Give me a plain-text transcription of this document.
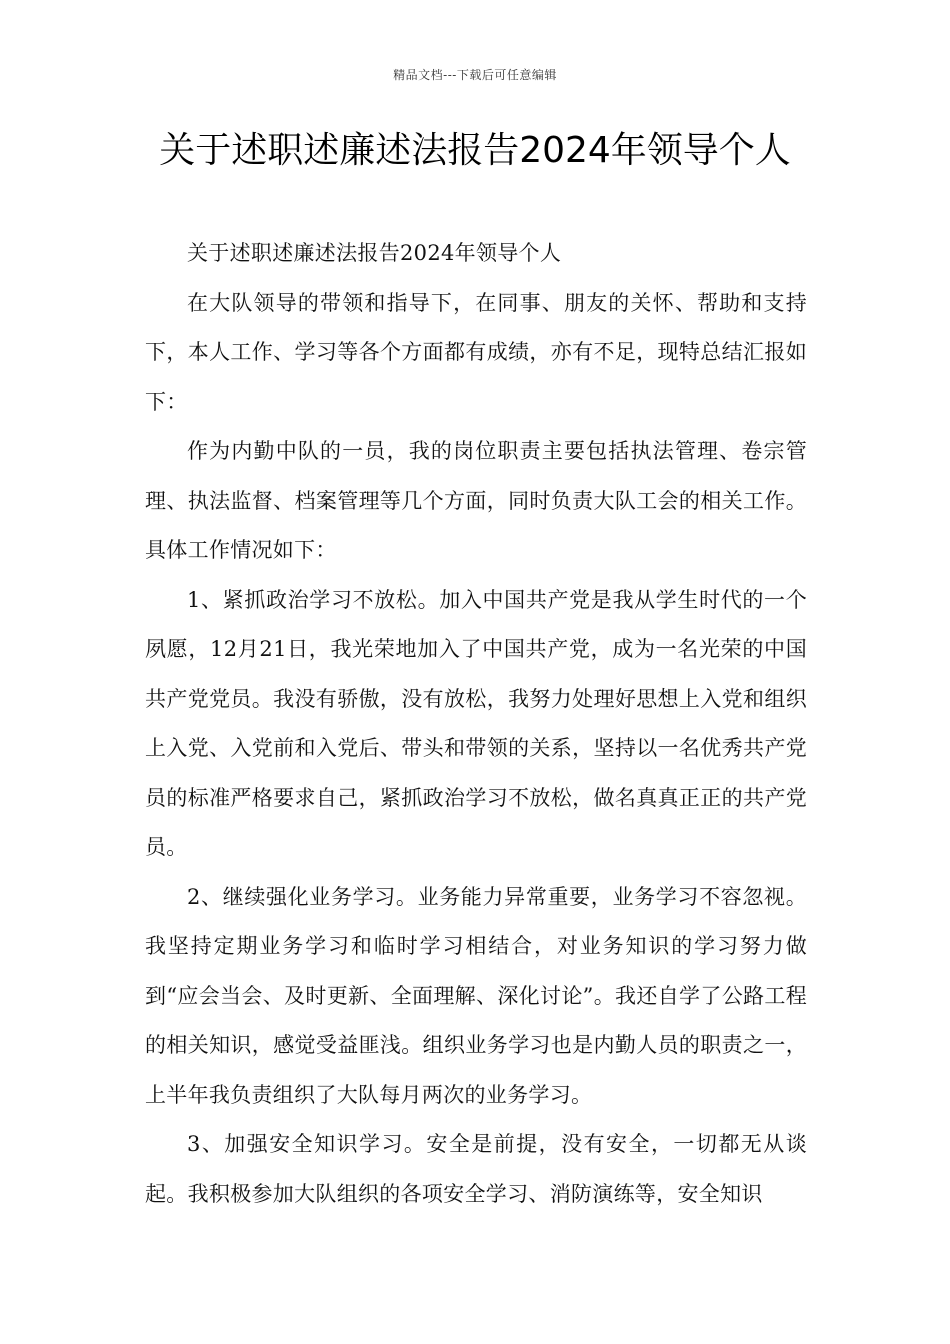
精品文档---下载后可任意编辑
关于述职述廉述法报告2024年领导个人

关于述职述廉述法报告2024年领导个人

在大队领导的带领和指导下，在同事、朋友的关怀、帮助和支持下，本人工作、学习等各个方面都有成绩，亦有不足，现特总结汇报如下：

作为内勤中队的一员，我的岗位职责主要包括执法管理、卷宗管理、执法监督、档案管理等几个方面，同时负责大队工会的相关工作。具体工作情况如下：

1、紧抓政治学习不放松。加入中国共产党是我从学生时代的一个夙愿，12月21日，我光荣地加入了中国共产党，成为一名光荣的中国共产党党员。我没有骄傲，没有放松，我努力处理好思想上入党和组织上入党、入党前和入党后、带头和带领的关系，坚持以一名优秀共产党员的标准严格要求自己，紧抓政治学习不放松，做名真真正正的共产党员。

2、继续强化业务学习。业务能力异常重要，业务学习不容忽视。我坚持定期业务学习和临时学习相结合，对业务知识的学习努力做到“应会当会、及时更新、全面理解、深化讨论”。我还自学了公路工程的相关知识，感觉受益匪浅。组织业务学习也是内勤人员的职责之一，上半年我负责组织了大队每月两次的业务学习。

3、加强安全知识学习。安全是前提，没有安全，一切都无从谈起。我积极参加大队组织的各项安全学习、消防演练等，安全知识
